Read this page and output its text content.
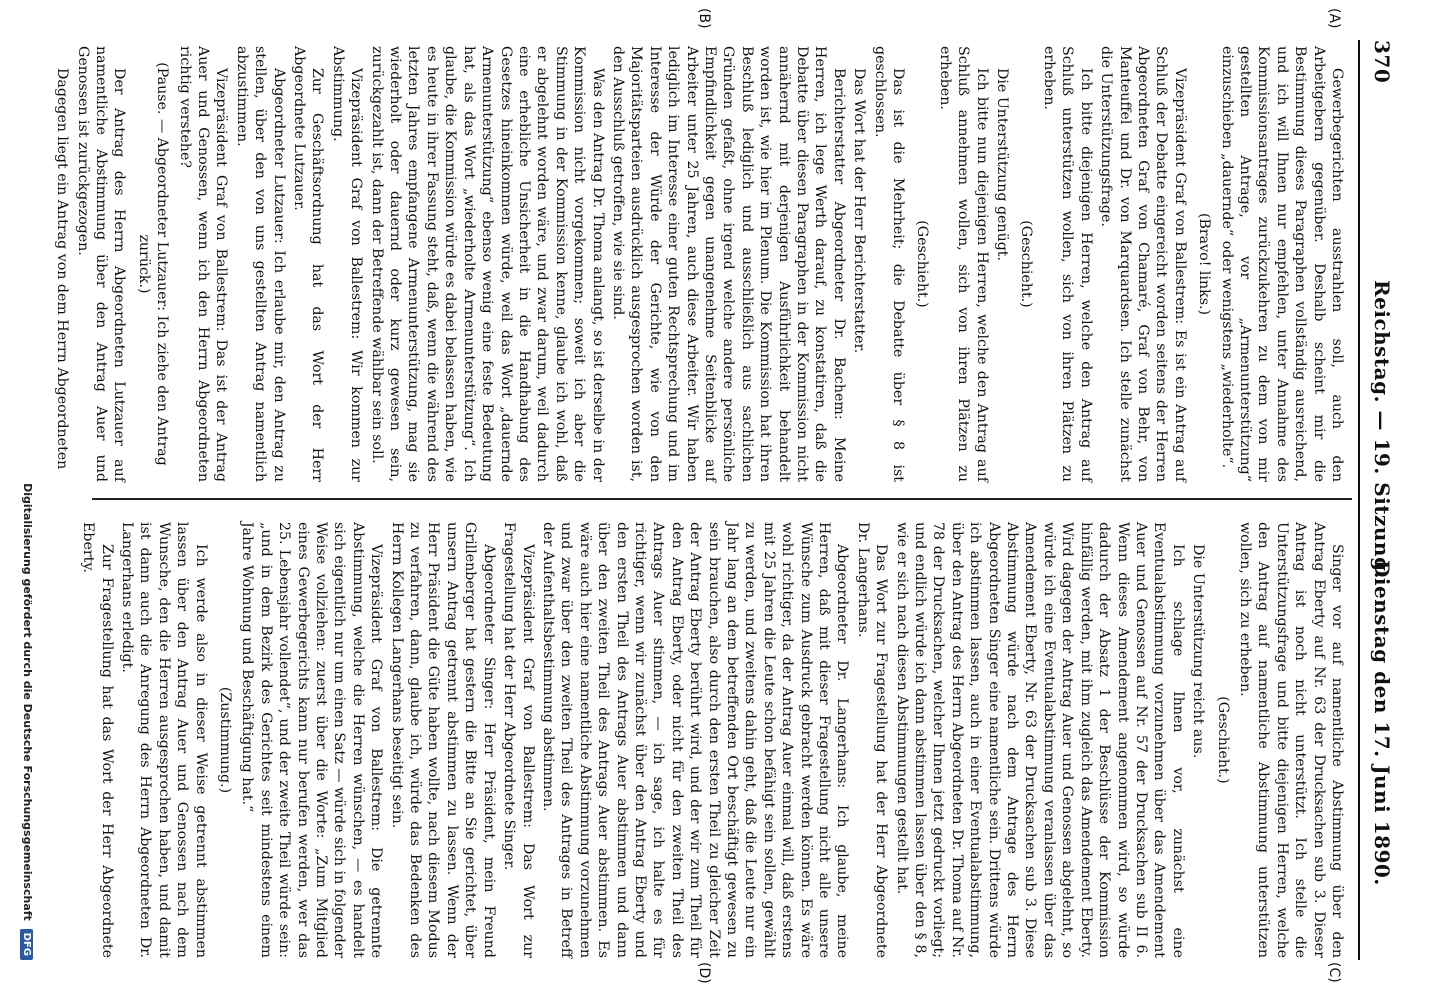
370
Reichstag. — 19. Sitzung.
Dienstag den 17. Juni 1890.
(A)
(B)
(C)
(D)

Gewerbegerichten ausstrahlen soll, auch den Arbeitgebern gegenüber. Deshalb scheint mir die Bestimmung dieses Paragraphen vollständig ausreichend, und ich will Ihnen nur empfehlen, unter Annahme des Kommissionsantrages zurückzukehren zu dem von mir gestellten Antrage, vor „Armenunterstützung“ einzuschieben „dauernde“ oder wenigstens „wiederholte“.

(Bravo! links.)

Vizepräsident Graf von Ballestrem: Es ist ein Antrag auf Schluß der Debatte eingereicht worden seitens der Herren Abgeordneten Graf von Chamaré, Graf von Behr, von Manteuffel und Dr. von Marquardsen. Ich stelle zunächst die Unterstützungsfrage.

Ich bitte diejenigen Herren, welche den Antrag auf Schluß unterstützen wollen, sich von ihren Plätzen zu erheben.

(Geschieht.)

Die Unterstützung genügt.

Ich bitte nun diejenigen Herren, welche den Antrag auf Schluß annehmen wollen, sich von ihren Plätzen zu erheben.

(Geschieht.)

Das ist die Mehrheit; die Debatte über § 8 ist geschlossen.

Das Wort hat der Herr Berichterstatter.

Berichterstatter Abgeordneter Dr. Bachem: Meine Herren, ich lege Werth darauf, zu konstatiren, daß die Debatte über diesen Paragraphen in der Kommission nicht annähernd mit derjenigen Ausführlichkeit behandelt worden ist, wie hier im Plenum. Die Kommission hat ihren Beschluß lediglich und ausschließlich aus sachlichen Gründen gefaßt, ohne irgend welche andere persönliche Empfindlichkeit gegen unangenehme Seitenblicke auf Arbeiter unter 25 Jahren, auch diese Arbeiter. Wir haben lediglich im Interesse einer guten Rechtsprechung und im Interesse der Würde der Gerichte, wie von den Majoritätsparteien ausdrücklich ausgesprochen worden ist, den Ausschluß getroffen, wie sie sind.

Was den Antrag Dr. Thoma anlangt, so ist derselbe in der Kommission nicht vorgekommen; soweit ich aber die Stimmung in der Kommission kenne, glaube ich wohl, daß er abgelehnt worden wäre, und zwar darum, weil dadurch eine erhebliche Unsicherheit in die Handhabung des Gesetzes hineinkommen würde, weil das Wort „dauernde Armenunterstützung“ ebenso wenig eine feste Bedeutung hat, als das Wort „wiederholte Armenunterstützung“. Ich glaube, die Kommission würde es dabei belassen haben, wie es heute in ihrer Fassung steht, daß, wenn die während des letzten Jahres empfangene Armenunterstützung, mag sie wiederholt oder dauernd oder kurz gewesen sein, zurückgezahlt ist, dann der Betreffende wählbar sein soll.

Vizepräsident Graf von Ballestrem: Wir kommen zur Abstimmung.

Zur Geschäftsordnung hat das Wort der Herr Abgeordnete Lutzauer.

Abgeordneter Lutzauer: Ich erlaube mir, den Antrag zu stellen, über den von uns gestellten Antrag namentlich abzustimmen.

Vizepräsident Graf von Ballestrem: Das ist der Antrag Auer und Genossen, wenn ich den Herrn Abgeordneten richtig verstehe?

(Pause. — Abgeordneter Lutzauer: Ich ziehe den Antrag zurück.)

Der Antrag des Herrn Abgeordneten Lutzauer auf namentliche Abstimmung über den Antrag Auer und Genossen ist zurückgezogen.

Dagegen liegt ein Antrag von dem Herrn Abgeordneten

Singer vor auf namentliche Abstimmung über den Antrag Eberty auf Nr. 63 der Drucksachen sub 3. Dieser Antrag ist noch nicht unterstützt. Ich stelle die Unterstützungsfrage und bitte diejenigen Herren, welche den Antrag auf namentliche Abstimmung unterstützen wollen, sich zu erheben.

(Geschieht.)

Die Unterstützung reicht aus.

Ich schlage Ihnen vor, zunächst eine Eventualabstimmung vorzunehmen über das Amendement Auer und Genossen auf Nr. 57 der Drucksachen sub II 6. Wenn dieses Amendement angenommen wird, so würde dadurch der Absatz 1 der Beschlüsse der Kommission hinfällig werden, mit ihm zugleich das Amendement Eberty. Wird dagegen der Antrag Auer und Genossen abgelehnt, so würde ich eine Eventualabstimmung veranlassen über das Amendement Eberty, Nr. 63 der Drucksachen sub 3. Diese Abstimmung würde nach dem Antrage des Herrn Abgeordneten Singer eine namentliche sein. Drittens würde ich abstimmen lassen, auch in einer Eventualabstimmung, über den Antrag des Herrn Abgeordneten Dr. Thoma auf Nr. 78 der Drucksachen, welcher Ihnen jetzt gedruckt vorliegt; und endlich würde ich dann abstimmen lassen über den § 8, wie er sich nach diesen Abstimmungen gestellt hat.

Das Wort zur Fragestellung hat der Herr Abgeordnete Dr. Langerhans.

Abgeordneter Dr. Langerhans: Ich glaube, meine Herren, daß mit dieser Fragestellung nicht alle unsere Wünsche zum Ausdruck gebracht werden können. Es wäre wohl richtiger, da der Antrag Auer einmal will, daß erstens mit 25 Jahren die Leute schon befähigt sein sollen, gewählt zu werden, und zweitens dahin geht, daß die Leute nur ein Jahr lang an dem betreffenden Ort beschäftigt gewesen zu sein brauchen, also durch den ersten Theil zu gleicher Zeit der Antrag Eberty berührt wird, und der wir zum Theil für den Antrag Eberty, oder nicht für den zweiten Theil des Antrags Auer stimmen, — ich sage, ich halte es für richtiger, wenn wir zunächst über den Antrag Eberty und den ersten Theil des Antrags Auer abstimmen und dann über den zweiten Theil des Antrags Auer abstimmen. Es wäre auch hier eine namentliche Abstimmung vorzunehmen und zwar über den zweiten Theil des Antrages in Betreff der Aufenthaltsbestimmung abstimmen.

Vizepräsident Graf von Ballestrem: Das Wort zur Fragestellung hat der Herr Abgeordnete Singer.

Abgeordneter Singer: Herr Präsident, mein Freund Grillenberger hat gestern die Bitte an Sie gerichtet, über unsern Antrag getrennt abstimmen zu lassen. Wenn der Herr Präsident die Güte haben wollte, nach diesem Modus zu verfahren, dann, glaube ich, würde das Bedenken des Herrn Kollegen Langerhans beseitigt sein.

Vizepräsident Graf von Ballestrem: Die getrennte Abstimmung, welche die Herren wünschen, — es handelt sich eigentlich nur um einen Satz — würde sich in folgender Weise vollziehen: zuerst über die Worte: „Zum Mitglied eines Gewerbegerichts kann nur berufen werden, wer das 25. Lebensjahr vollendet“, und der zweite Theil würde sein: „und in dem Bezirk des Gerichtes seit mindestens einem Jahre Wohnung und Beschäftigung hat.“

(Zustimmung.)

Ich werde also in dieser Weise getrennt abstimmen lassen über den Antrag Auer und Genossen nach dem Wunsche, den die Herren ausgesprochen haben, und damit ist dann auch die Anregung des Herrn Abgeordneten Dr. Langerhans erledigt.

Zur Fragestellung hat das Wort der Herr Abgeordnete Eberty.

Digitalisierung gefördert durch die Deutsche Forschungsgemeinschaft DFG
